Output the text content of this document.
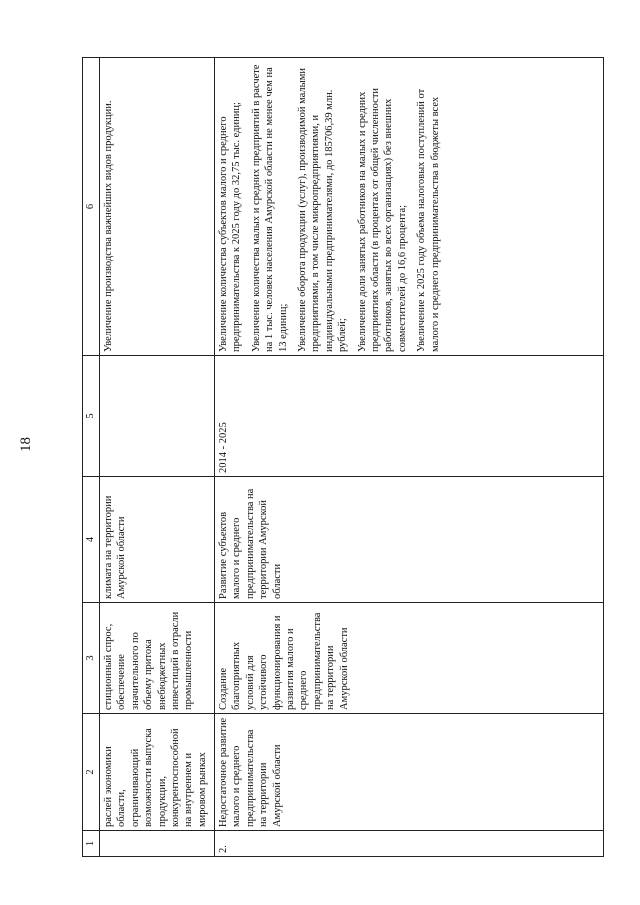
18
1	2	3	4	5	6
	раслей экономики области, ограничивающий возможности выпуска продукции, конкурентоспособной на внутреннем и мировом рынках	стиционный спрос, обеспечение значительного по объему притока внебюджетных инвестиций в отрасли промышленности	климата на территории Амурской области		Увеличение производства важнейших видов продукции.

2.	Недостаточное развитие малого и среднего предпринимательства на территории Амурской области	Создание благоприятных условий для устойчивого функционирования и развития малого и среднего предпринимательства на территории Амурской области	Развитие субъектов малого и среднего предпринимательства на территории Амурской области	2014 - 2025	Увеличение количества субъектов малого и среднего предпринимательства к 2025 году до 32,75 тыс. единиц; Увеличение количества малых и средних предприятий в расчете на 1 тыс. человек населения Амурской области не менее чем на 13 единиц; Увеличение оборота продукции (услуг), производимой малыми предприятиями, в том числе микропредприятиями, и индивидуальными предпринимателями, до 185706,39 млн. рублей; Увеличение доли занятых работников на малых и средних предприятиях области (в процентах от общей численности работников, занятых во всех организациях) без внешних совместителей до 16,6 процента; Увеличение к 2025 году объема налоговых поступлений от малого и среднего предпринимательства в бюджеты всех
